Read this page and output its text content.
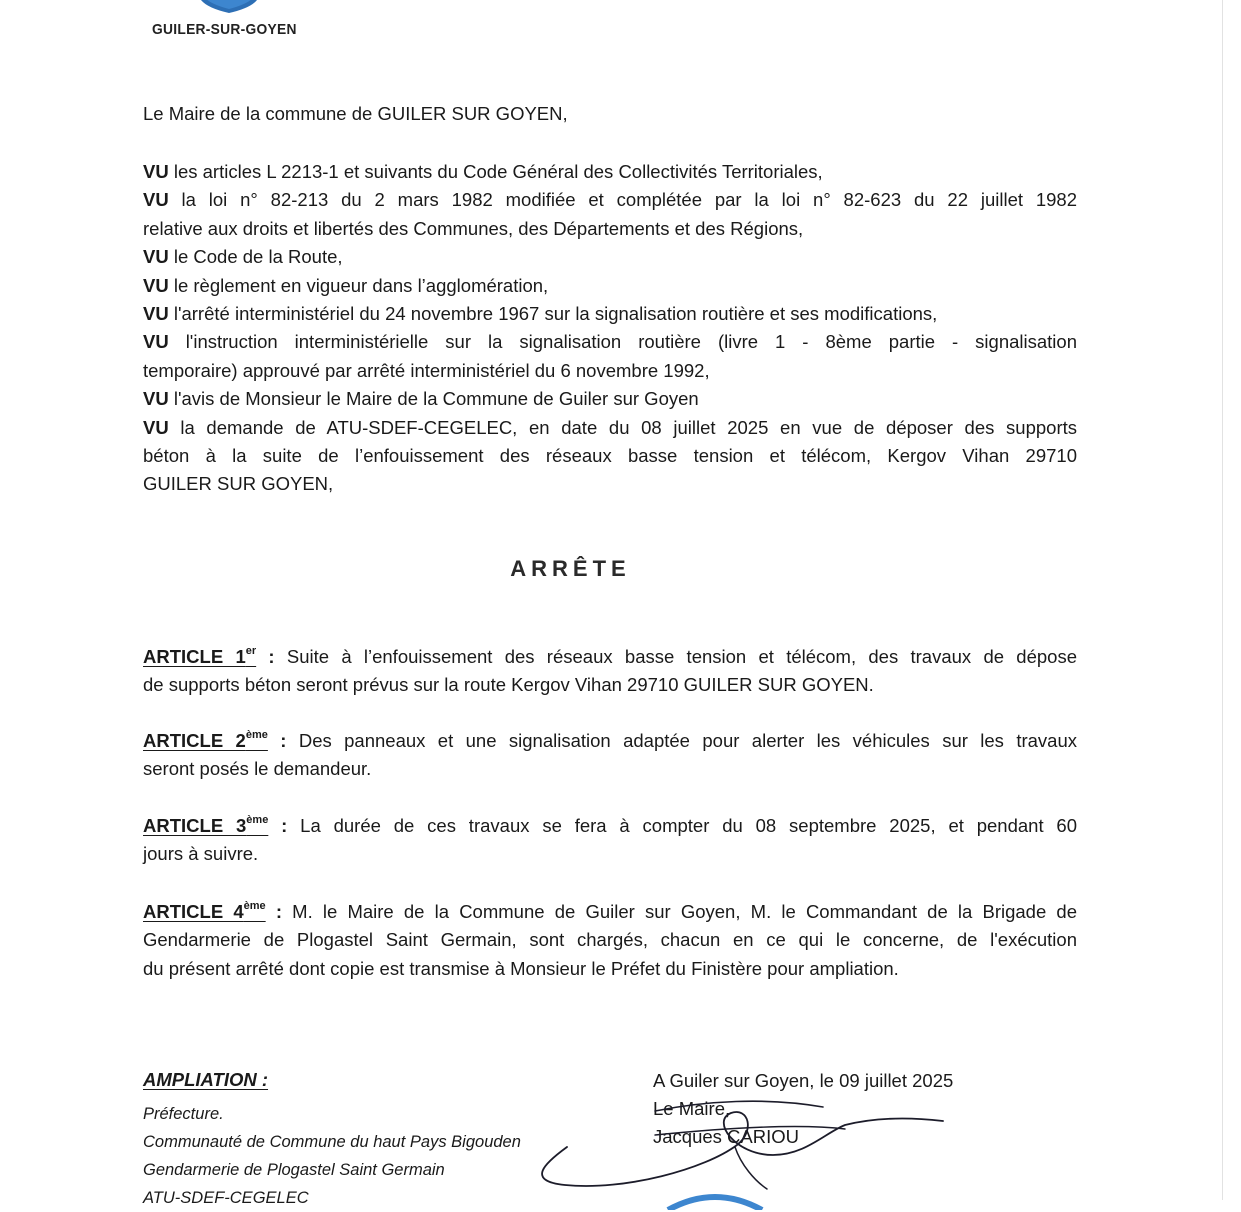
GUILER-SUR-GOYEN
Le Maire de la commune de GUILER SUR GOYEN,
VU les articles L 2213-1 et suivants du Code Général des Collectivités Territoriales,
VU la loi n° 82-213 du 2 mars 1982 modifiée et complétée par la loi n° 82-623 du 22 juillet 1982
relative aux droits et libertés des Communes, des Départements et des Régions,
VU le Code de la Route,
VU le règlement en vigueur dans l’agglomération,
VU l'arrêté interministériel du 24 novembre 1967 sur la signalisation routière et ses modifications,
VU l'instruction interministérielle sur la signalisation routière (livre 1 - 8ème partie - signalisation
temporaire) approuvé par arrêté interministériel du 6 novembre 1992,
VU l'avis de Monsieur le Maire de la Commune de Guiler sur Goyen
VU la demande de ATU-SDEF-CEGELEC, en date du 08 juillet 2025 en vue de déposer des supports
béton à la suite de l’enfouissement des réseaux basse tension et télécom, Kergov Vihan 29710
GUILER SUR GOYEN,
ARRÊTE
ARTICLE 1er : Suite à l’enfouissement des réseaux basse tension et télécom, des travaux de dépose
de supports béton seront prévus sur la route Kergov Vihan 29710 GUILER SUR GOYEN.
ARTICLE 2ème : Des panneaux et une signalisation adaptée pour alerter les véhicules sur les travaux
seront posés le demandeur.
ARTICLE 3ème : La durée de ces travaux se fera à compter du 08 septembre 2025, et pendant 60
jours à suivre.
ARTICLE 4ème : M. le Maire de la Commune de Guiler sur Goyen, M. le Commandant de la Brigade de
Gendarmerie de Plogastel Saint Germain, sont chargés, chacun en ce qui le concerne, de l'exécution
du présent arrêté dont copie est transmise à Monsieur le Préfet du Finistère pour ampliation.
AMPLIATION :
Préfecture.
Communauté de Commune du haut Pays Bigouden
Gendarmerie de Plogastel Saint Germain
ATU-SDEF-CEGELEC
A Guiler sur Goyen, le 09 juillet 2025
Le Maire,
Jacques CARIOU
